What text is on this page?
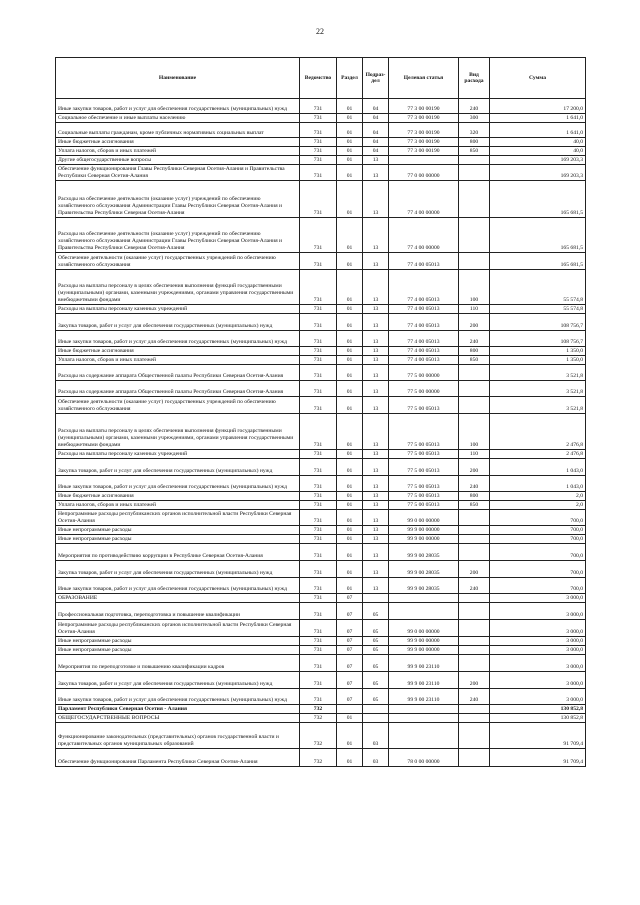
22
Наименование	Ведомство	Раздел	Подраз-дел	Целевая статья	Вид расхода	Сумма
Иные закупки товаров, работ и услуг для обеспечения государственных (муниципальных) нужд	731	01	04	77 3 00 00190	240	17 200,0
Социальное обеспечение и иные выплаты населению	731	01	04	77 3 00 00190	300	1 641,0
Социальные выплаты гражданам, кроме публичных нормативных социальных выплат	731	01	04	77 3 00 00190	320	1 641,0
Иные бюджетные ассигнования	731	01	04	77 3 00 00190	800	40,0
Уплата налогов, сборов и иных платежей	731	01	04	77 3 00 00190	850	40,0
Другие общегосударственные вопросы	731	01	13			169 203,3
Обеспечение функционирования Главы Республики Северная Осетия-Алания и Правительства Республики Северная Осетия-Алания	731	01	13	77 0 00 00000		169 203,3
Расходы на обеспечение деятельности (оказание услуг) учреждений по обеспечению хозяйственного обслуживания Администрации Главы Республики Северная Осетия-Алания и Правительства Республики Северная Осетия-Алания	731	01	13	77 4 00 00000		165 681,5
Расходы на обеспечение деятельности (оказание услуг) учреждений по обеспечению хозяйственного обслуживания Администрации Главы Республики Северная Осетия-Алания и Правительства Республики Северная Осетия-Алания	731	01	13	77 4 00 00000		165 681,5
Обеспечение деятельности (оказание услуг) государственных учреждений по обеспечению хозяйственного обслуживания	731	01	13	77 4 00 05013		165 681,5
Расходы на выплаты персоналу в целях обеспечения выполнения функций государственными (муниципальными) органами, казенными учреждениями, органами управления государственными внебюджетными фондами	731	01	13	77 4 00 05013	100	55 574,8
Расходы на выплаты персоналу казенных учреждений	731	01	13	77 4 00 05013	110	55 574,8
Закупка товаров, работ и услуг для обеспечения государственных (муниципальных) нужд	731	01	13	77 4 00 05013	200	108 756,7
Иные закупки товаров, работ и услуг для обеспечения государственных (муниципальных) нужд	731	01	13	77 4 00 05013	240	108 756,7
Иные бюджетные ассигнования	731	01	13	77 4 00 05013	800	1 350,0
Уплата налогов, сборов и иных платежей	731	01	13	77 4 00 05013	850	1 350,0
Расходы на содержание аппарата Общественной палаты Республики Северная Осетия-Алания	731	01	13	77 5 00 00000		3 521,8
Расходы на содержание аппарата Общественной палаты Республики Северная Осетия-Алания	731	01	13	77 5 00 00000		3 521,8
Обеспечение деятельности (оказание услуг) государственных учреждений по обеспечению хозяйственного обслуживания	731	01	13	77 5 00 05013		3 521,8
Расходы на выплаты персоналу в целях обеспечения выполнения функций государственными (муниципальными) органами, казенными учреждениями, органами управления государственными внебюджетными фондами	731	01	13	77 5 00 05013	100	2 476,8
Расходы на выплаты персоналу казенных учреждений	731	01	13	77 5 00 05013	110	2 476,8
Закупка товаров, работ и услуг для обеспечения государственных (муниципальных) нужд	731	01	13	77 5 00 05013	200	1 043,0
Иные закупки товаров, работ и услуг для обеспечения государственных (муниципальных) нужд	731	01	13	77 5 00 05013	240	1 043,0
Иные бюджетные ассигнования	731	01	13	77 5 00 05013	800	2,0
Уплата налогов, сборов и иных платежей	731	01	13	77 5 00 05013	850	2,0
Непрограммные расходы республиканских органов исполнительной власти Республики Северная Осетия-Алания	731	01	13	99 0 00 00000		700,0
Иные непрограммные расходы	731	01	13	99 9 00 00000		700,0
Иные непрограммные расходы	731	01	13	99 9 00 00000		700,0
Мероприятия по противодействию коррупции в Республике Северная Осетия-Алания	731	01	13	99 9 00 28035		700,0
Закупка товаров, работ и услуг для обеспечения государственных (муниципальных) нужд	731	01	13	99 9 00 28035	200	700,0
Иные закупки товаров, работ и услуг для обеспечения государственных (муниципальных) нужд	731	01	13	99 9 00 28035	240	700,0
ОБРАЗОВАНИЕ	731	07				3 000,0
Профессиональная подготовка, переподготовка и повышение квалификации	731	07	05			3 000,0
Непрограммные расходы республиканских органов исполнительной власти Республики Северная Осетия-Алания	731	07	05	99 0 00 00000		3 000,0
Иные непрограммные расходы	731	07	05	99 9 00 00000		3 000,0
Иные непрограммные расходы	731	07	05	99 9 00 00000		3 000,0
Мероприятия по переподготовке и повышению квалификации кадров	731	07	05	99 9 00 23110		3 000,0
Закупка товаров, работ и услуг для обеспечения государственных (муниципальных) нужд	731	07	05	99 9 00 23110	200	3 000,0
Иные закупки товаров, работ и услуг для обеспечения государственных (муниципальных) нужд	731	07	05	99 9 00 23110	240	3 000,0
Парламент Республики Северная Осетия - Алания	732					130 852,8
ОБЩЕГОСУДАРСТВЕННЫЕ ВОПРОСЫ	732	01				130 852,8
Функционирование законодательных (представительных) органов государственной власти и представительных органов муниципальных образований	732	01	03			91 709,4
Обеспечение функционирования Парламента Республики Северная Осетия-Алания	732	01	03	78 0 00 00000		91 709,4
